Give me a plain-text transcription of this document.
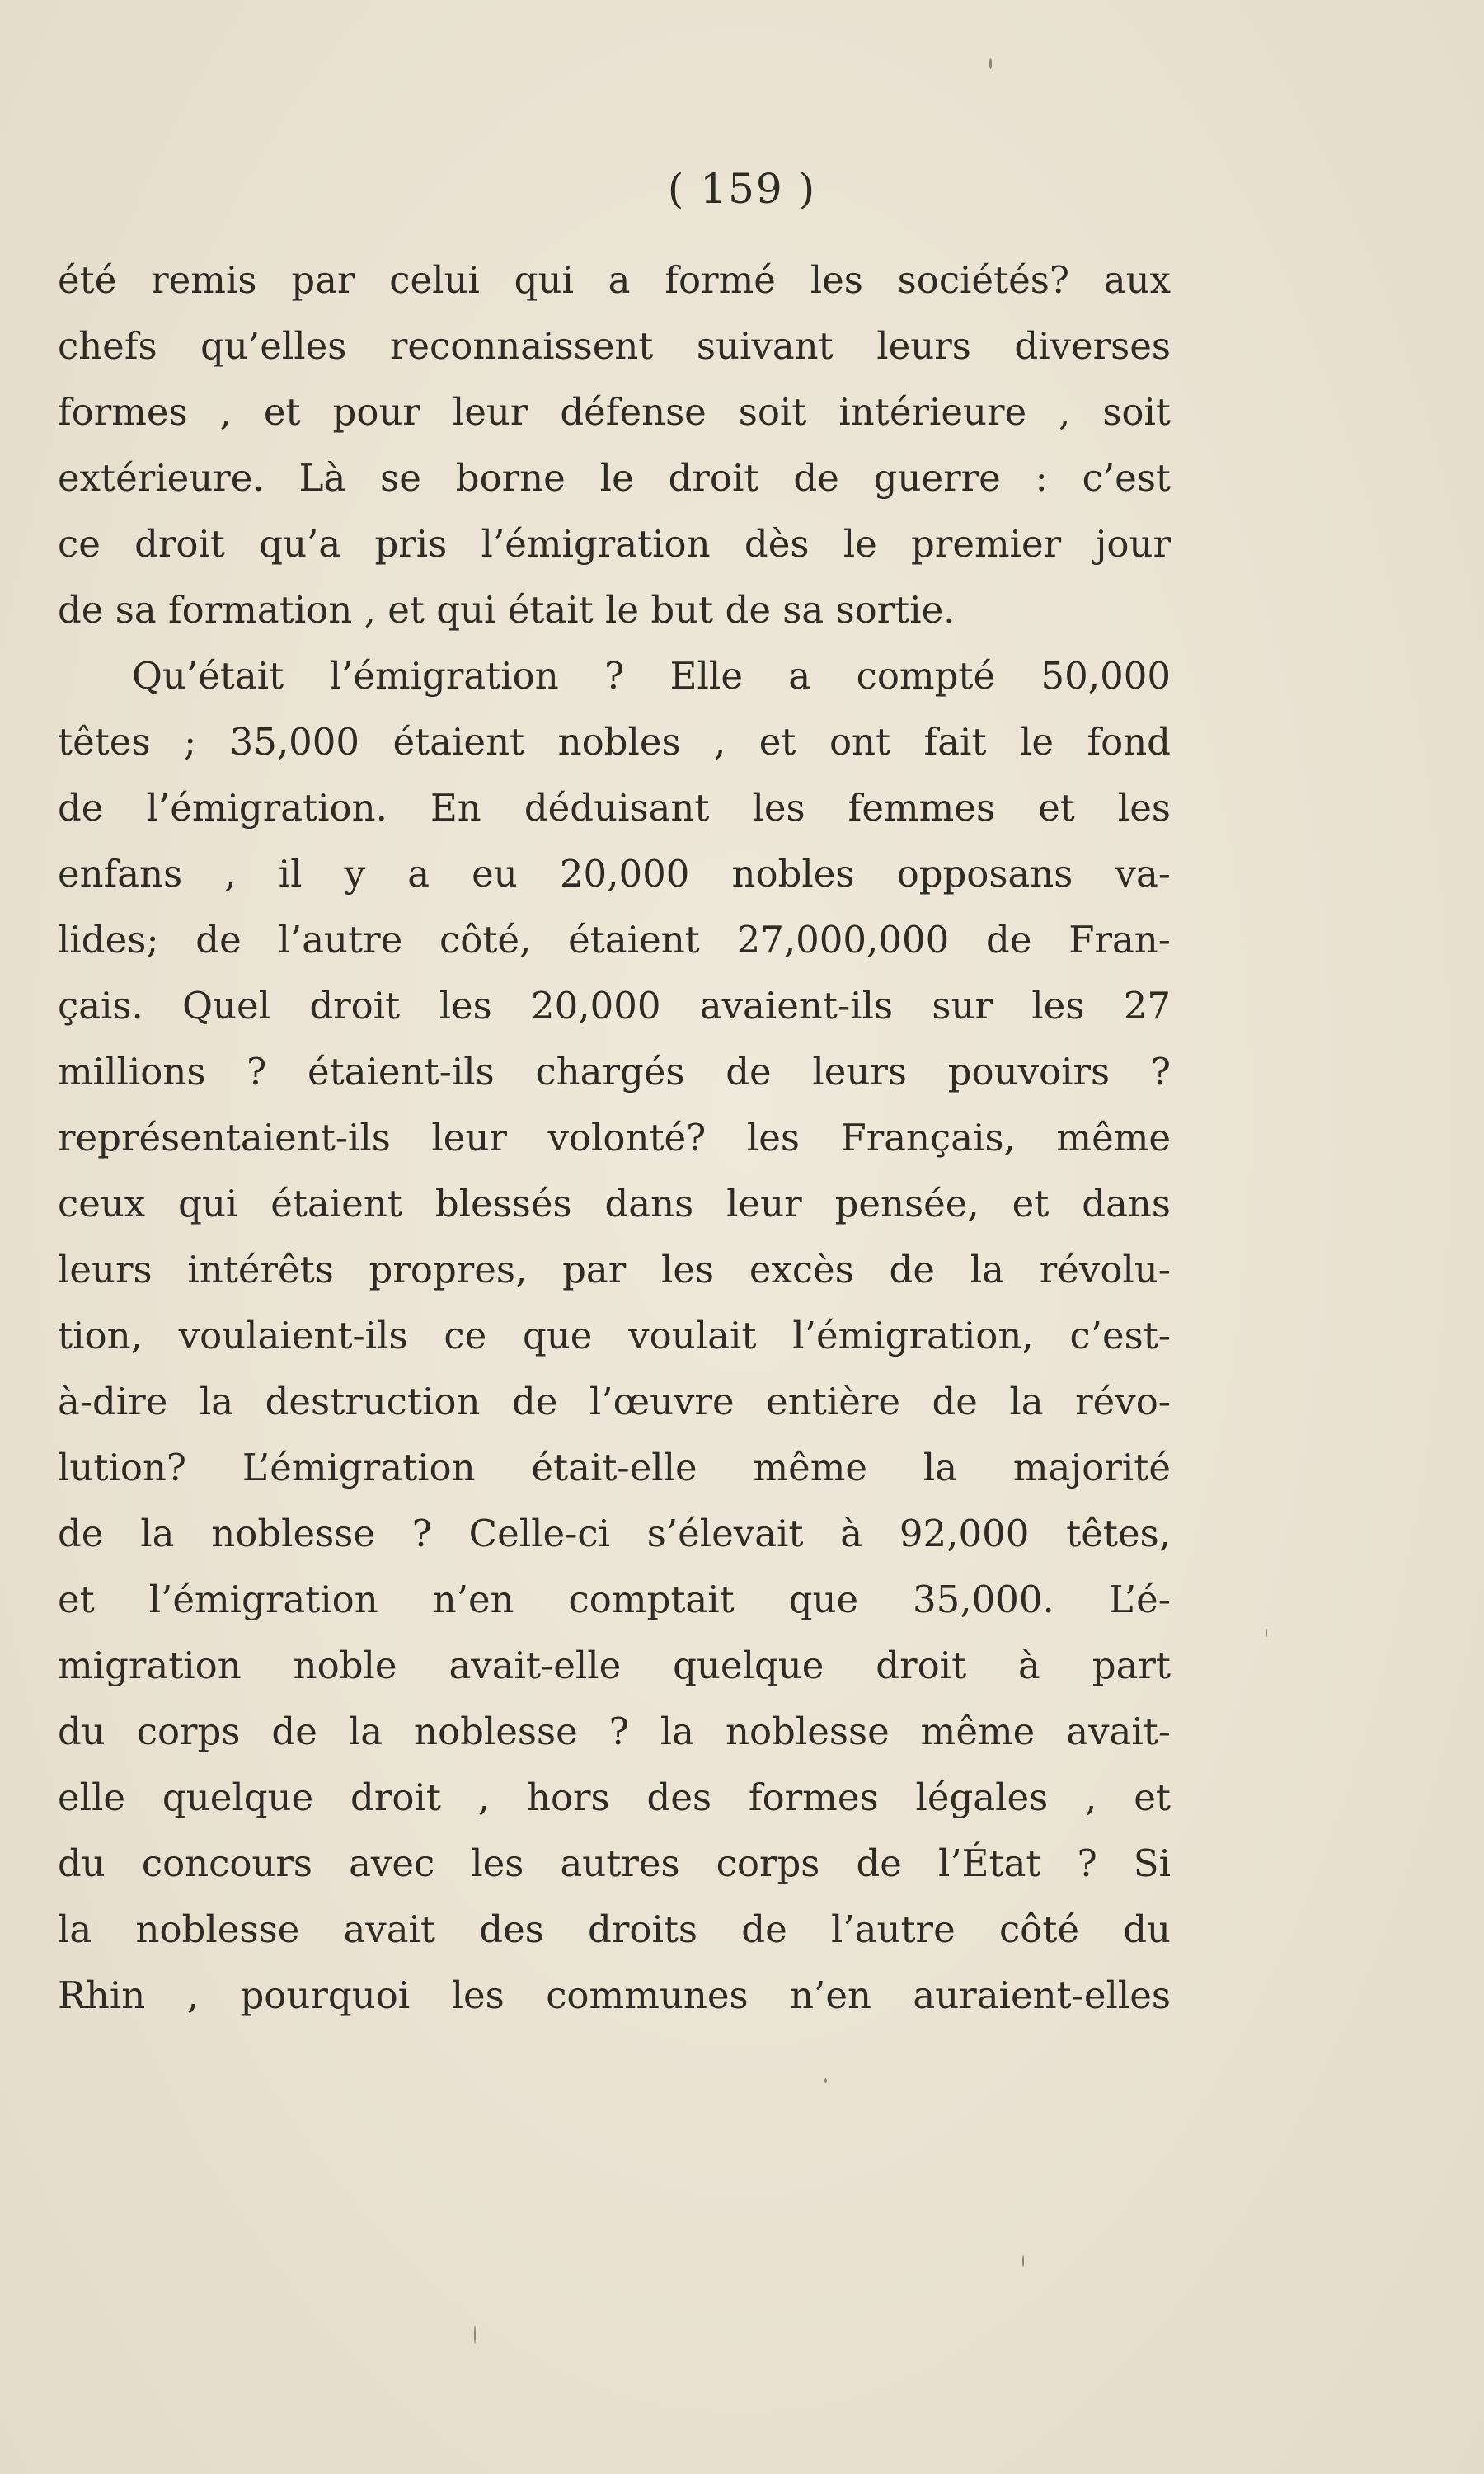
( 159 )
été remis par celui qui a formé les sociétés? aux
chefs qu’elles reconnaissent suivant leurs diverses
formes , et pour leur défense soit intérieure , soit
extérieure. Là se borne le droit de guerre : c’est
ce droit qu’a pris l’émigration dès le premier jour
de sa formation , et qui était le but de sa sortie.
Qu’était l’émigration ? Elle a compté 50,000
têtes ; 35,000 étaient nobles , et ont fait le fond
de l’émigration. En déduisant les femmes et les
enfans , il y a eu 20,000 nobles opposans va-
lides; de l’autre côté, étaient 27,000,000 de Fran-
çais. Quel droit les 20,000 avaient-ils sur les 27
millions ? étaient-ils chargés de leurs pouvoirs ?
représentaient-ils leur volonté? les Français, même
ceux qui étaient blessés dans leur pensée, et dans
leurs intérêts propres, par les excès de la révolu-
tion, voulaient-ils ce que voulait l’émigration, c’est-
à-dire la destruction de l’œuvre entière de la révo-
lution? L’émigration était-elle même la majorité
de la noblesse ? Celle-ci s’élevait à 92,000 têtes,
et l’émigration n’en comptait que 35,000. L’é-
migration noble avait-elle quelque droit à part
du corps de la noblesse ? la noblesse même avait-
elle quelque droit , hors des formes légales , et
du concours avec les autres corps de l’État ? Si
la noblesse avait des droits de l’autre côté du
Rhin , pourquoi les communes n’en auraient-elles
